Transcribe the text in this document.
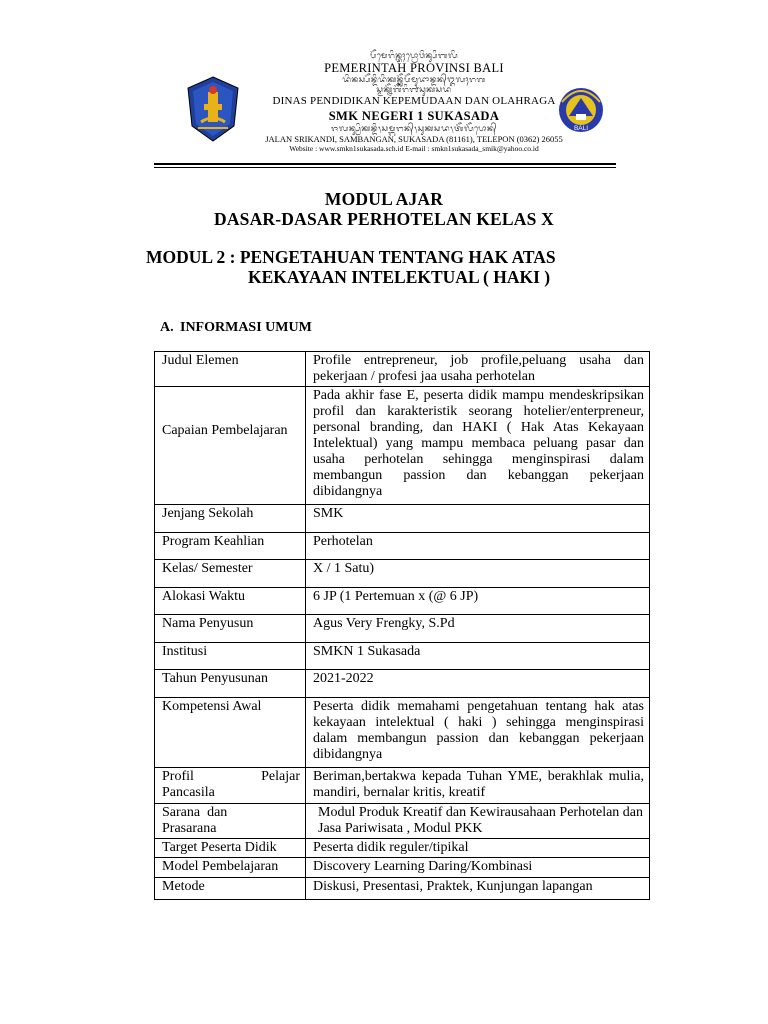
BALI
ᬧᭂᬫᬾᬭᬶᬦ᭄ᬢᬄᬧ᭄ᬭᭀᬯᬶᬦ᭄ᬲᬶᬩᬮᬶ
PEMERINTAH PROVINSI BALI
ᬤᬶᬦᬲ᭄ᬧᭂᬦ᭄ᬤᬶᬤᬶᬓᬦ᭄ᬓᭂᬧᭂᬫᬸᬤᬵᬦ᭄ᬤᬦ᭄ᬑᬮᬄᬭᬕ
ᬲ᭄ᬫᬓ᭄ᬦᭂᬕᭂᬭᬶ᭑ᬲᬸᬓᬲᬤ
DINAS PENDIDIKAN KEPEMUDAAN DAN OLAHRAGA
SMK NEGERI 1 SUKASADA
ᬚᬮᬦ᭄ᬲ᭄ᬭᬶᬓᬦ᭄ᬤᬶ᭞ᬲᬫ᭄ᬩᬗᬦ᭄᭞ᬲᬸᬓᬲᬤ᭞ᬢᭂᬮᭂᬧᭀᬦ᭄
JALAN SRIKANDI, SAMBANGAN, SUKASADA (81161), TELEPON (0362) 26055
Website : www.smkn1sukasada.sch.id E-mail : smkn1sukasada_smik@yahoo.co.id
MODUL AJAR
DASAR-DASAR PERHOTELAN KELAS X
MODUL 2 : PENGETAHUAN TENTANG HAK ATAS
KEKAYAAN INTELEKTUAL ( HAKI )
A. INFORMASI UMUM
Judul Elemen	Profile entrepreneur, job profile,peluang usaha dan pekerjaan / profesi jaa usaha perhotelan
Capaian Pembelajaran	Pada akhir fase E, peserta didik mampu mendeskripsikan profil dan karakteristik seorang hotelier/enterpreneur, personal branding, dan HAKI ( Hak Atas Kekayaan Intelektual) yang mampu membaca peluang pasar dan usaha perhotelan sehingga menginspirasi dalam membangun passion dan kebanggan pekerjaan dibidangnya
Jenjang Sekolah	SMK
Program Keahlian	Perhotelan
Kelas/ Semester	X / 1 Satu)
Alokasi Waktu	6 JP (1 Pertemuan x (@ 6 JP)
Nama Penyusun	Agus Very Frengky, S.Pd
Institusi	SMKN 1 Sukasada
Tahun Penyusunan	2021-2022
Kompetensi Awal	Peserta didik memahami pengetahuan tentang hak atas kekayaan intelektual ( haki ) sehingga menginspirasi dalam membangun passion dan kebanggan pekerjaan dibidangnya

Profil Pelajar
Pancasila	Beriman,bertakwa kepada Tuhan YME, berakhlak mulia, mandiri, bernalar kritis, kreatif

Sarana dan
Prasarana	Modul Produk Kreatif dan Kewirausahaan Perhotelan dan Jasa Pariwisata , Modul PKK
Target Peserta Didik	Peserta didik reguler/tipikal
Model Pembelajaran	Discovery Learning Daring/Kombinasi
Metode	Diskusi, Presentasi, Praktek, Kunjungan lapangan
